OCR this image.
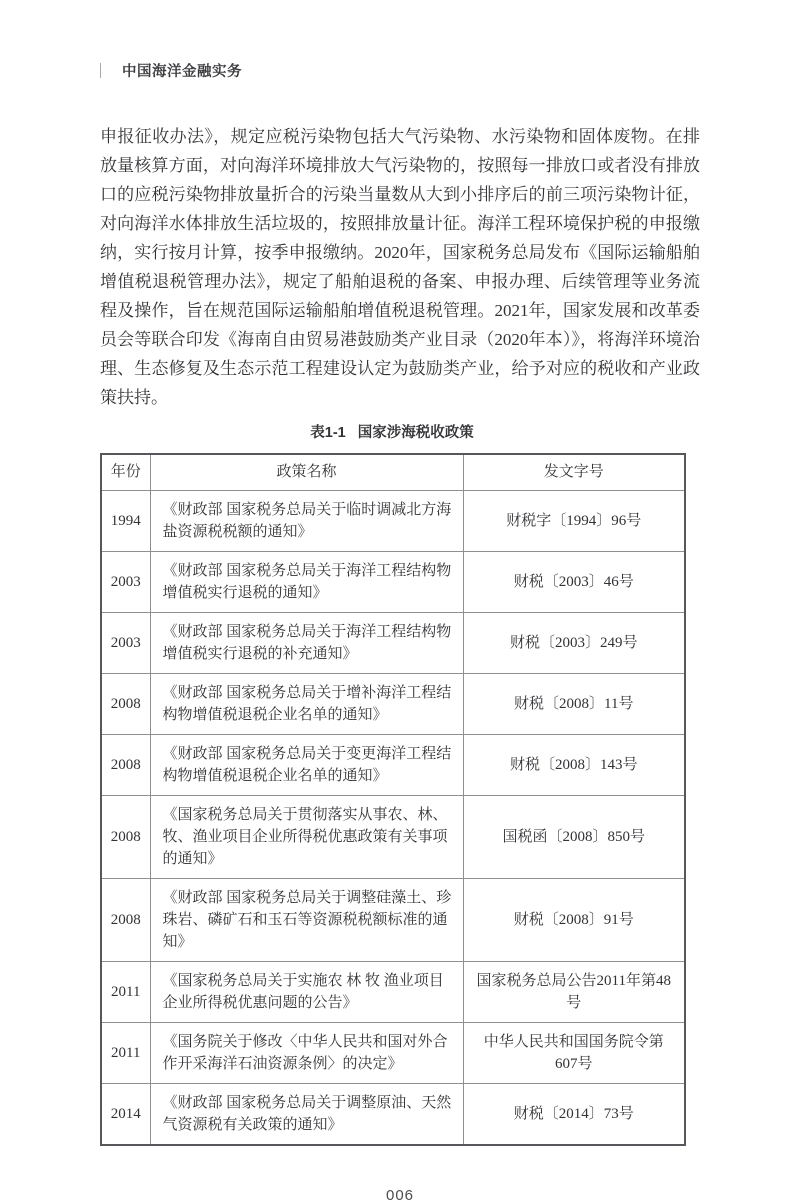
中国海洋金融实务
申报征收办法》，规定应税污染物包括大气污染物、水污染物和固体废物。在排放量核算方面，对向海洋环境排放大气污染物的，按照每一排放口或者没有排放口的应税污染物排放量折合的污染当量数从大到小排序后的前三项污染物计征，对向海洋水体排放生活垃圾的，按照排放量计征。海洋工程环境保护税的申报缴纳，实行按月计算，按季申报缴纳。2020年，国家税务总局发布《国际运输船舶增值税退税管理办法》，规定了船舶退税的备案、申报办理、后续管理等业务流程及操作，旨在规范国际运输船舶增值税退税管理。2021年，国家发展和改革委员会等联合印发《海南自由贸易港鼓励类产业目录（2020年本）》，将海洋环境治理、生态修复及生态示范工程建设认定为鼓励类产业，给予对应的税收和产业政策扶持。
表1-1 国家涉海税收政策
年份	政策名称	发文字号
1994	《财政部 国家税务总局关于临时调减北方海盐资源税税额的通知》	财税字〔1994〕96号
2003	《财政部 国家税务总局关于海洋工程结构物增值税实行退税的通知》	财税〔2003〕46号
2003	《财政部 国家税务总局关于海洋工程结构物增值税实行退税的补充通知》	财税〔2003〕249号
2008	《财政部 国家税务总局关于增补海洋工程结构物增值税退税企业名单的通知》	财税〔2008〕11号
2008	《财政部 国家税务总局关于变更海洋工程结构物增值税退税企业名单的通知》	财税〔2008〕143号
2008	《国家税务总局关于贯彻落实从事农、林、牧、渔业项目企业所得税优惠政策有关事项的通知》	国税函〔2008〕850号
2008	《财政部 国家税务总局关于调整硅藻土、珍珠岩、磷矿石和玉石等资源税税额标准的通知》	财税〔2008〕91号
2011	《国家税务总局关于实施农 林 牧 渔业项目企业所得税优惠问题的公告》	国家税务总局公告2011年第48号
2011	《国务院关于修改〈中华人民共和国对外合作开采海洋石油资源条例〉的决定》	中华人民共和国国务院令第607号
2014	《财政部 国家税务总局关于调整原油、天然气资源税有关政策的通知》	财税〔2014〕73号
006
